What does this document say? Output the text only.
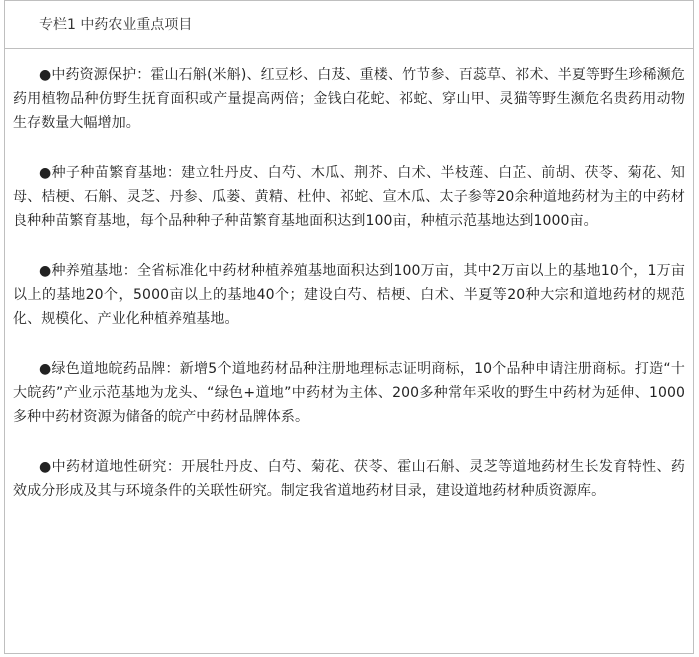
专栏1 中药农业重点项目

●中药资源保护：霍山石斛(米斛)、红豆杉、白芨、重楼、竹节参、百蕊草、祁术、半夏等野生珍稀濒危药用植物品种仿野生抚育面积或产量提高两倍；金钱白花蛇、祁蛇、穿山甲、灵猫等野生濒危名贵药用动物生存数量大幅增加。

●种子种苗繁育基地：建立牡丹皮、白芍、木瓜、荆芥、白术、半枝莲、白芷、前胡、茯苓、菊花、知母、桔梗、石斛、灵芝、丹参、瓜蒌、黄精、杜仲、祁蛇、宣木瓜、太子参等20余种道地药材为主的中药材良种种苗繁育基地，每个品种种子种苗繁育基地面积达到100亩，种植示范基地达到1000亩。

●种养殖基地：全省标准化中药材种植养殖基地面积达到100万亩，其中2万亩以上的基地10个，1万亩以上的基地20个，5000亩以上的基地40个；建设白芍、桔梗、白术、半夏等20种大宗和道地药材的规范化、规模化、产业化种植养殖基地。

●绿色道地皖药品牌：新增5个道地药材品种注册地理标志证明商标，10个品种申请注册商标。打造“十大皖药”产业示范基地为龙头、“绿色+道地”中药材为主体、200多种常年采收的野生中药材为延伸、1000多种中药材资源为储备的皖产中药材品牌体系。

●中药材道地性研究：开展牡丹皮、白芍、菊花、茯苓、霍山石斛、灵芝等道地药材生长发育特性、药效成分形成及其与环境条件的关联性研究。制定我省道地药材目录，建设道地药材种质资源库。
